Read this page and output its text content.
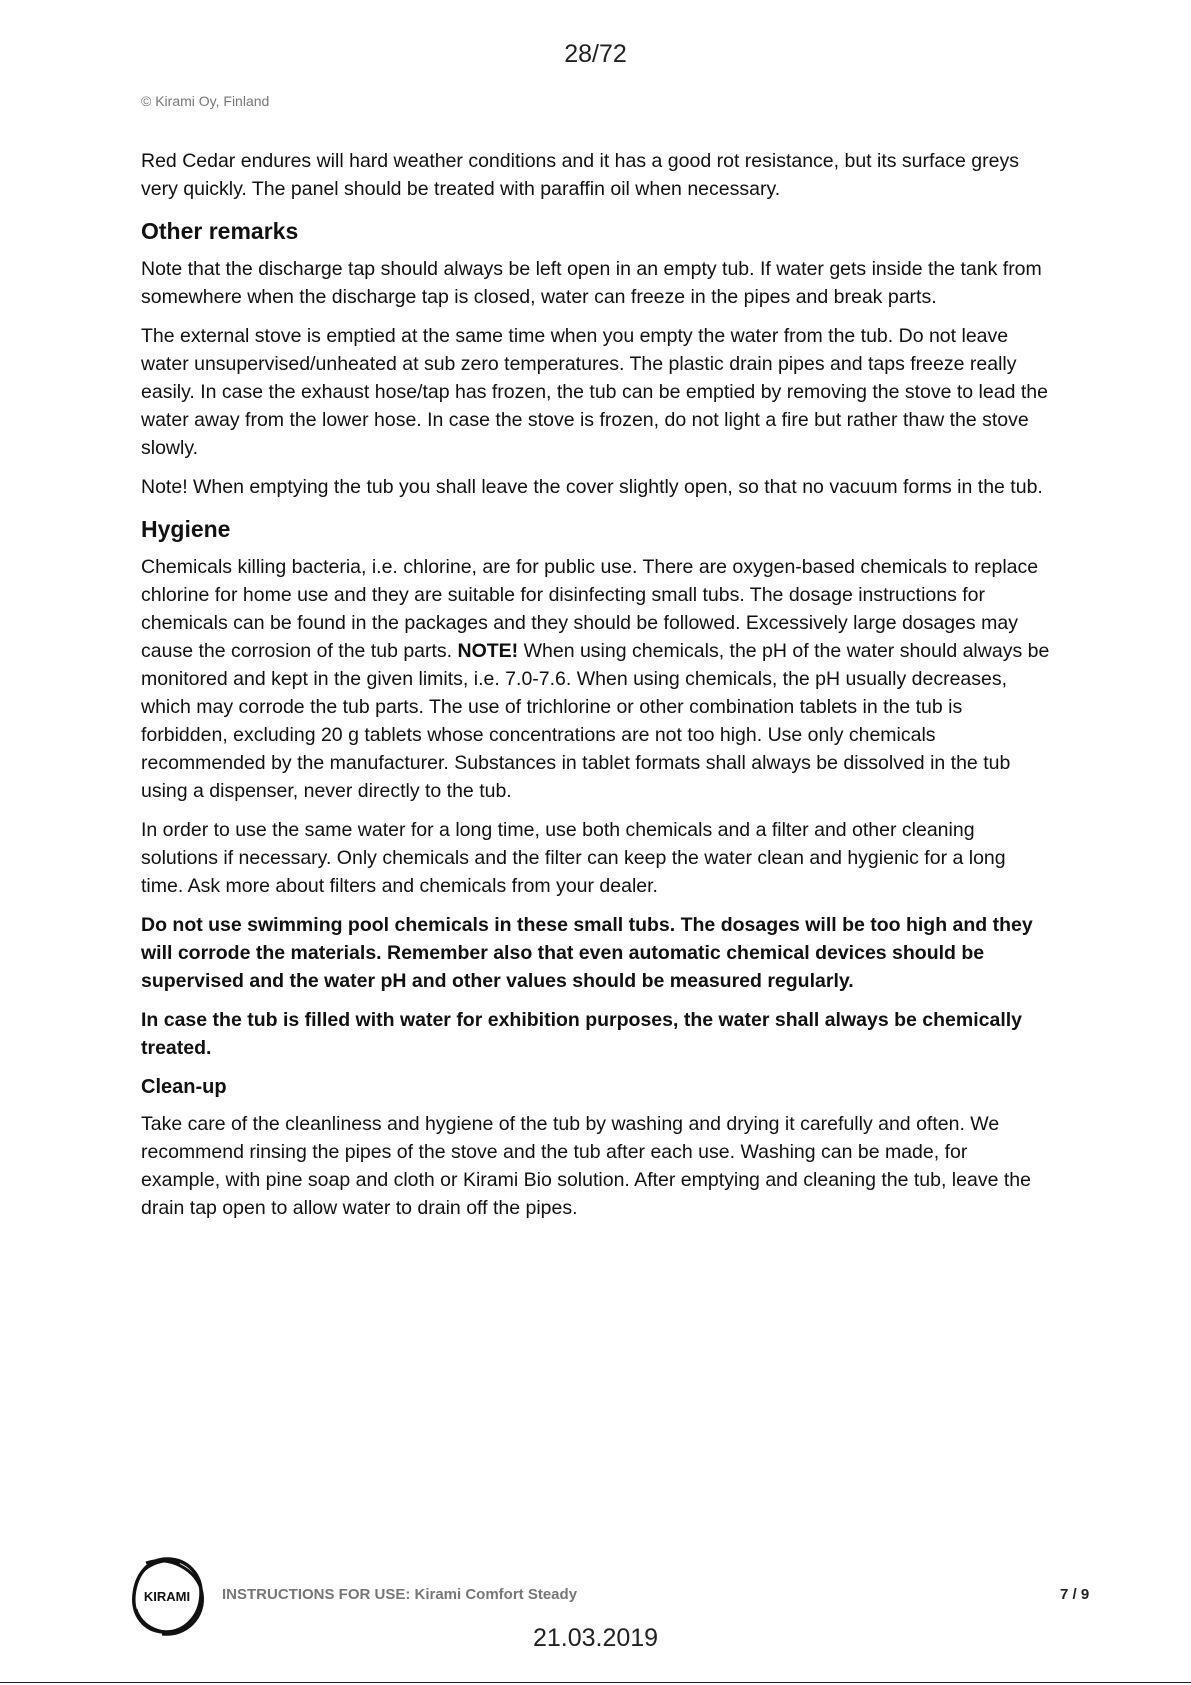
28/72
© Kirami Oy, Finland

Red Cedar endures will hard weather conditions and it has a good rot resistance, but its surface greys very quickly. The panel should be treated with paraffin oil when necessary.

Other remarks

Note that the discharge tap should always be left open in an empty tub. If water gets inside the tank from somewhere when the discharge tap is closed, water can freeze in the pipes and break parts.

The external stove is emptied at the same time when you empty the water from the tub. Do not leave water unsupervised/unheated at sub zero temperatures. The plastic drain pipes and taps freeze really easily. In case the exhaust hose/tap has frozen, the tub can be emptied by removing the stove to lead the water away from the lower hose. In case the stove is frozen, do not light a fire but rather thaw the stove slowly.

Note! When emptying the tub you shall leave the cover slightly open, so that no vacuum forms in the tub.

Hygiene

Chemicals killing bacteria, i.e. chlorine, are for public use. There are oxygen-based chemicals to replace chlorine for home use and they are suitable for disinfecting small tubs. The dosage instructions for chemicals can be found in the packages and they should be followed. Excessively large dosages may cause the corrosion of the tub parts. NOTE! When using chemicals, the pH of the water should always be monitored and kept in the given limits, i.e. 7.0-7.6. When using chemicals, the pH usually decreases, which may corrode the tub parts. The use of trichlorine or other combination tablets in the tub is forbidden, excluding 20 g tablets whose concentrations are not too high. Use only chemicals recommended by the manufacturer. Substances in tablet formats shall always be dissolved in the tub using a dispenser, never directly to the tub.

In order to use the same water for a long time, use both chemicals and a filter and other cleaning solutions if necessary. Only chemicals and the filter can keep the water clean and hygienic for a long time. Ask more about filters and chemicals from your dealer.

Do not use swimming pool chemicals in these small tubs. The dosages will be too high and they will corrode the materials. Remember also that even automatic chemical devices should be supervised and the water pH and other values should be measured regularly.

In case the tub is filled with water for exhibition purposes, the water shall always be chemically treated.

Clean-up

Take care of the cleanliness and hygiene of the tub by washing and drying it carefully and often. We recommend rinsing the pipes of the stove and the tub after each use. Washing can be made, for example, with pine soap and cloth or Kirami Bio solution. After emptying and cleaning the tub, leave the drain tap open to allow water to drain off the pipes.

KIRAMI INSTRUCTIONS FOR USE: Kirami Comfort Steady	7 / 9
21.03.2019
